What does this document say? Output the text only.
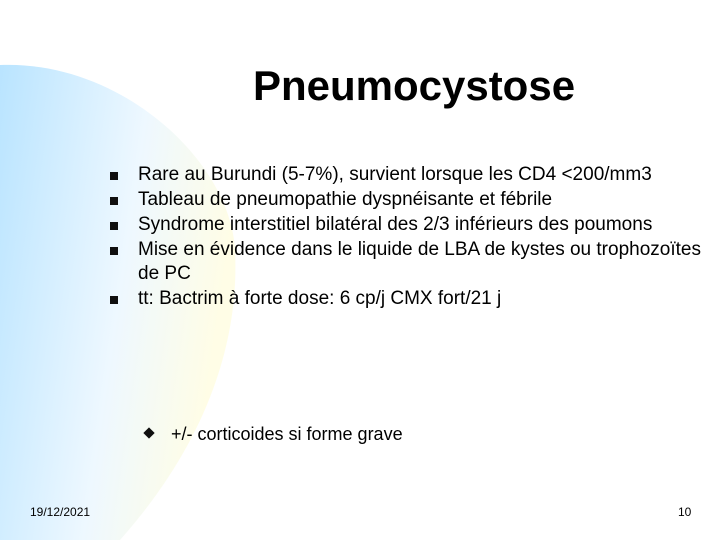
Pneumocystose
Rare au Burundi (5-7%), survient lorsque les CD4 <200/mm3
Tableau de pneumopathie dyspnéisante et fébrile
Syndrome interstitiel bilatéral des 2/3 inférieurs des poumons
Mise en évidence dans le liquide de LBA de kystes ou trophozoïtes de PC
tt: Bactrim à forte dose: 6 cp/j CMX fort/21 j
+/- corticoides si forme grave
19/12/2021	10
